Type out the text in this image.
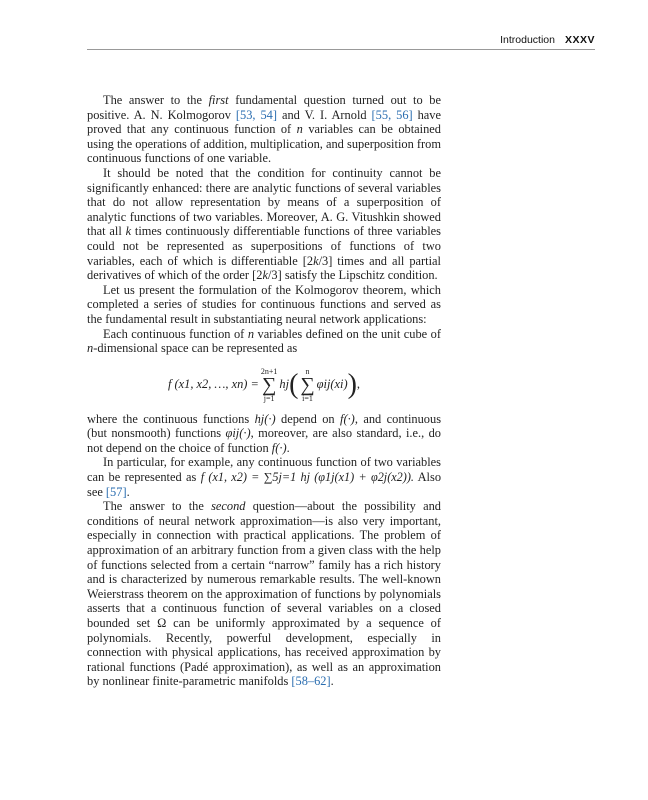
Introduction XXXV

The answer to the first fundamental question turned out to be positive. A. N. Kolmogorov [53, 54] and V. I. Arnold [55, 56] have proved that any continuous function of n variables can be obtained using the operations of addition, multiplication, and superposition from continuous functions of one variable.

It should be noted that the condition for continuity cannot be significantly enhanced: there are analytic functions of several variables that do not allow representation by means of a superposition of analytic functions of two variables. Moreover, A. G. Vitushkin showed that all k times continuously differentiable functions of three variables could not be represented as superpositions of functions of two variables, each of which is differentiable [2k/3] times and all partial derivatives of which of the order [2k/3] satisfy the Lipschitz condition.

Let us present the formulation of the Kolmogorov theorem, which completed a series of studies for continuous functions and served as the fundamental result in substantiating neural network applications:

Each continuous function of n variables defined on the unit cube of n-dimensional space can be represented as

f (x1, x2, …, xn) =
2n+1
∑
j=1
hj ( n
∑
i=1
φij(xi) ) ,

where the continuous functions hj(·) depend on f(·), and continuous (but nonsmooth) functions φij(·), moreover, are also standard, i.e., do not depend on the choice of function f(·).

In particular, for example, any continuous function of two variables can be represented as f (x1, x2) = ∑5j=1 hj (φ1j(x1) + φ2j(x2)). Also see [57].

The answer to the second question—about the possibility and conditions of neural network approximation—is also very important, especially in connection with practical applications. The problem of approximation of an arbitrary function from a given class with the help of functions selected from a certain “narrow” family has a rich history and is characterized by numerous remarkable results. The well-known Weierstrass theorem on the approximation of functions by polynomials asserts that a continuous function of several variables on a closed bounded set Ω can be uniformly approximated by a sequence of polynomials. Recently, powerful development, especially in connection with physical applications, has received approximation by rational functions (Padé approximation), as well as an approximation by nonlinear finite-parametric manifolds [58–62].
